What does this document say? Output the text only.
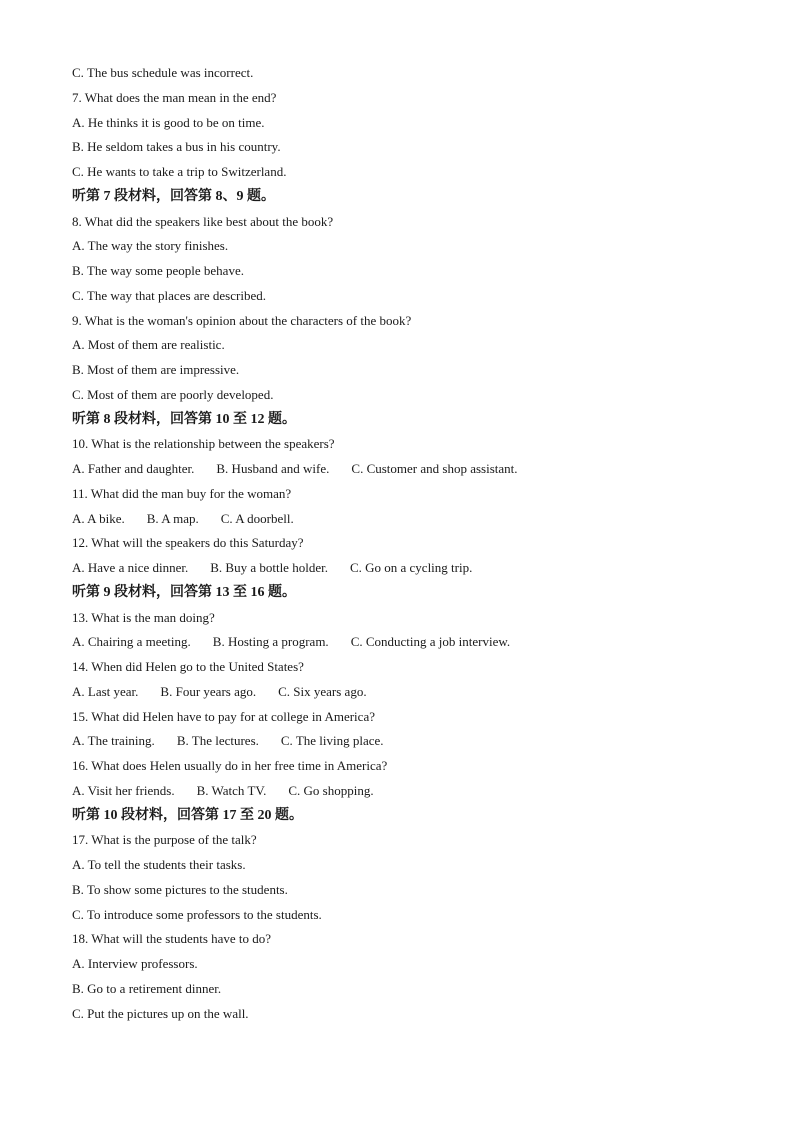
C. The bus schedule was incorrect.
7. What does the man mean in the end?
A. He thinks it is good to be on time.
B. He seldom takes a bus in his country.
C. He wants to take a trip to Switzerland.
听第 7 段材料，回答第 8、9 题。
8. What did the speakers like best about the book?
A. The way the story finishes.
B. The way some people behave.
C. The way that places are described.
9. What is the woman's opinion about the characters of the book?
A. Most of them are realistic.
B. Most of them are impressive.
C. Most of them are poorly developed.
听第 8 段材料，回答第 10 至 12 题。
10. What is the relationship between the speakers?
A. Father and daughter. B. Husband and wife. C. Customer and shop assistant.
11. What did the man buy for the woman?
A. A bike. B. A map. C. A doorbell.
12. What will the speakers do this Saturday?
A. Have a nice dinner. B. Buy a bottle holder. C. Go on a cycling trip.
听第 9 段材料，回答第 13 至 16 题。
13. What is the man doing?
A. Chairing a meeting. B. Hosting a program. C. Conducting a job interview.
14. When did Helen go to the United States?
A. Last year. B. Four years ago. C. Six years ago.
15. What did Helen have to pay for at college in America?
A. The training. B. The lectures. C. The living place.
16. What does Helen usually do in her free time in America?
A. Visit her friends. B. Watch TV. C. Go shopping.
听第 10 段材料，回答第 17 至 20 题。
17. What is the purpose of the talk?
A. To tell the students their tasks.
B. To show some pictures to the students.
C. To introduce some professors to the students.
18. What will the students have to do?
A. Interview professors.
B. Go to a retirement dinner.
C. Put the pictures up on the wall.
